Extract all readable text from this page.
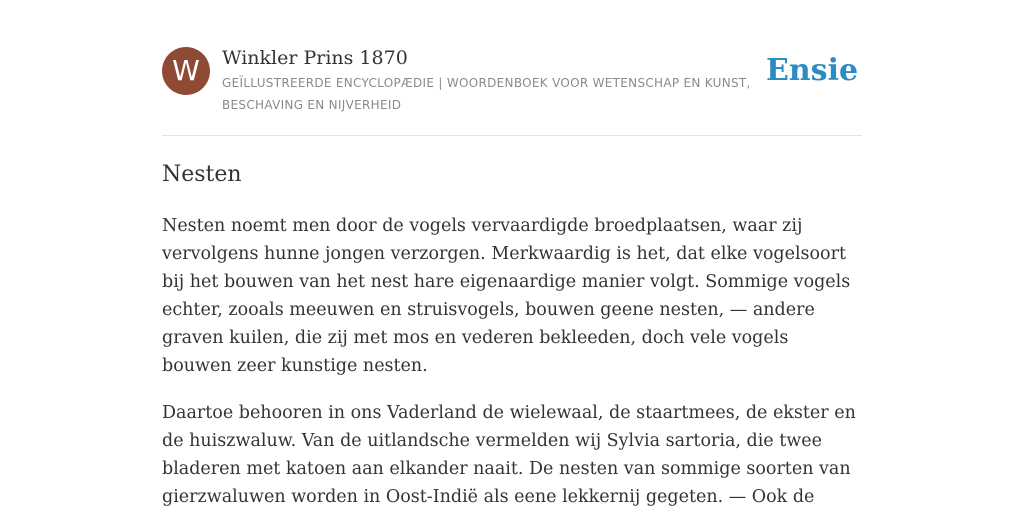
W	Winkler Prins 1870
GEÏLLUSTREERDE ENCYCLOPÆDIE | WOORDENBOEK VOOR WETENSCHAP EN KUNST, BESCHAVING EN NIJVERHEID
Ensie
Nesten

Nesten noemt men door de vogels vervaardigde broedplaatsen, waar zij vervolgens hunne jongen verzorgen. Merkwaardig is het, dat elke vogelsoort bij het bouwen van het nest hare eigenaardige manier volgt. Sommige vogels echter, zooals meeuwen en struisvogels, bouwen geene nesten, — andere graven kuilen, die zij met mos en vederen bekleeden, doch vele vogels bouwen zeer kunstige nesten.

Daartoe behooren in ons Vaderland de wielewaal, de staartmees, de ekster en de huiszwaluw. Van de uitlandsche vermelden wij Sylvia sartoria, die twee bladeren met katoen aan elkander naait. De nesten van sommige soorten van gierzwaluwen worden in Oost-Indië als eene lekkernij gegeten. — Ook de
